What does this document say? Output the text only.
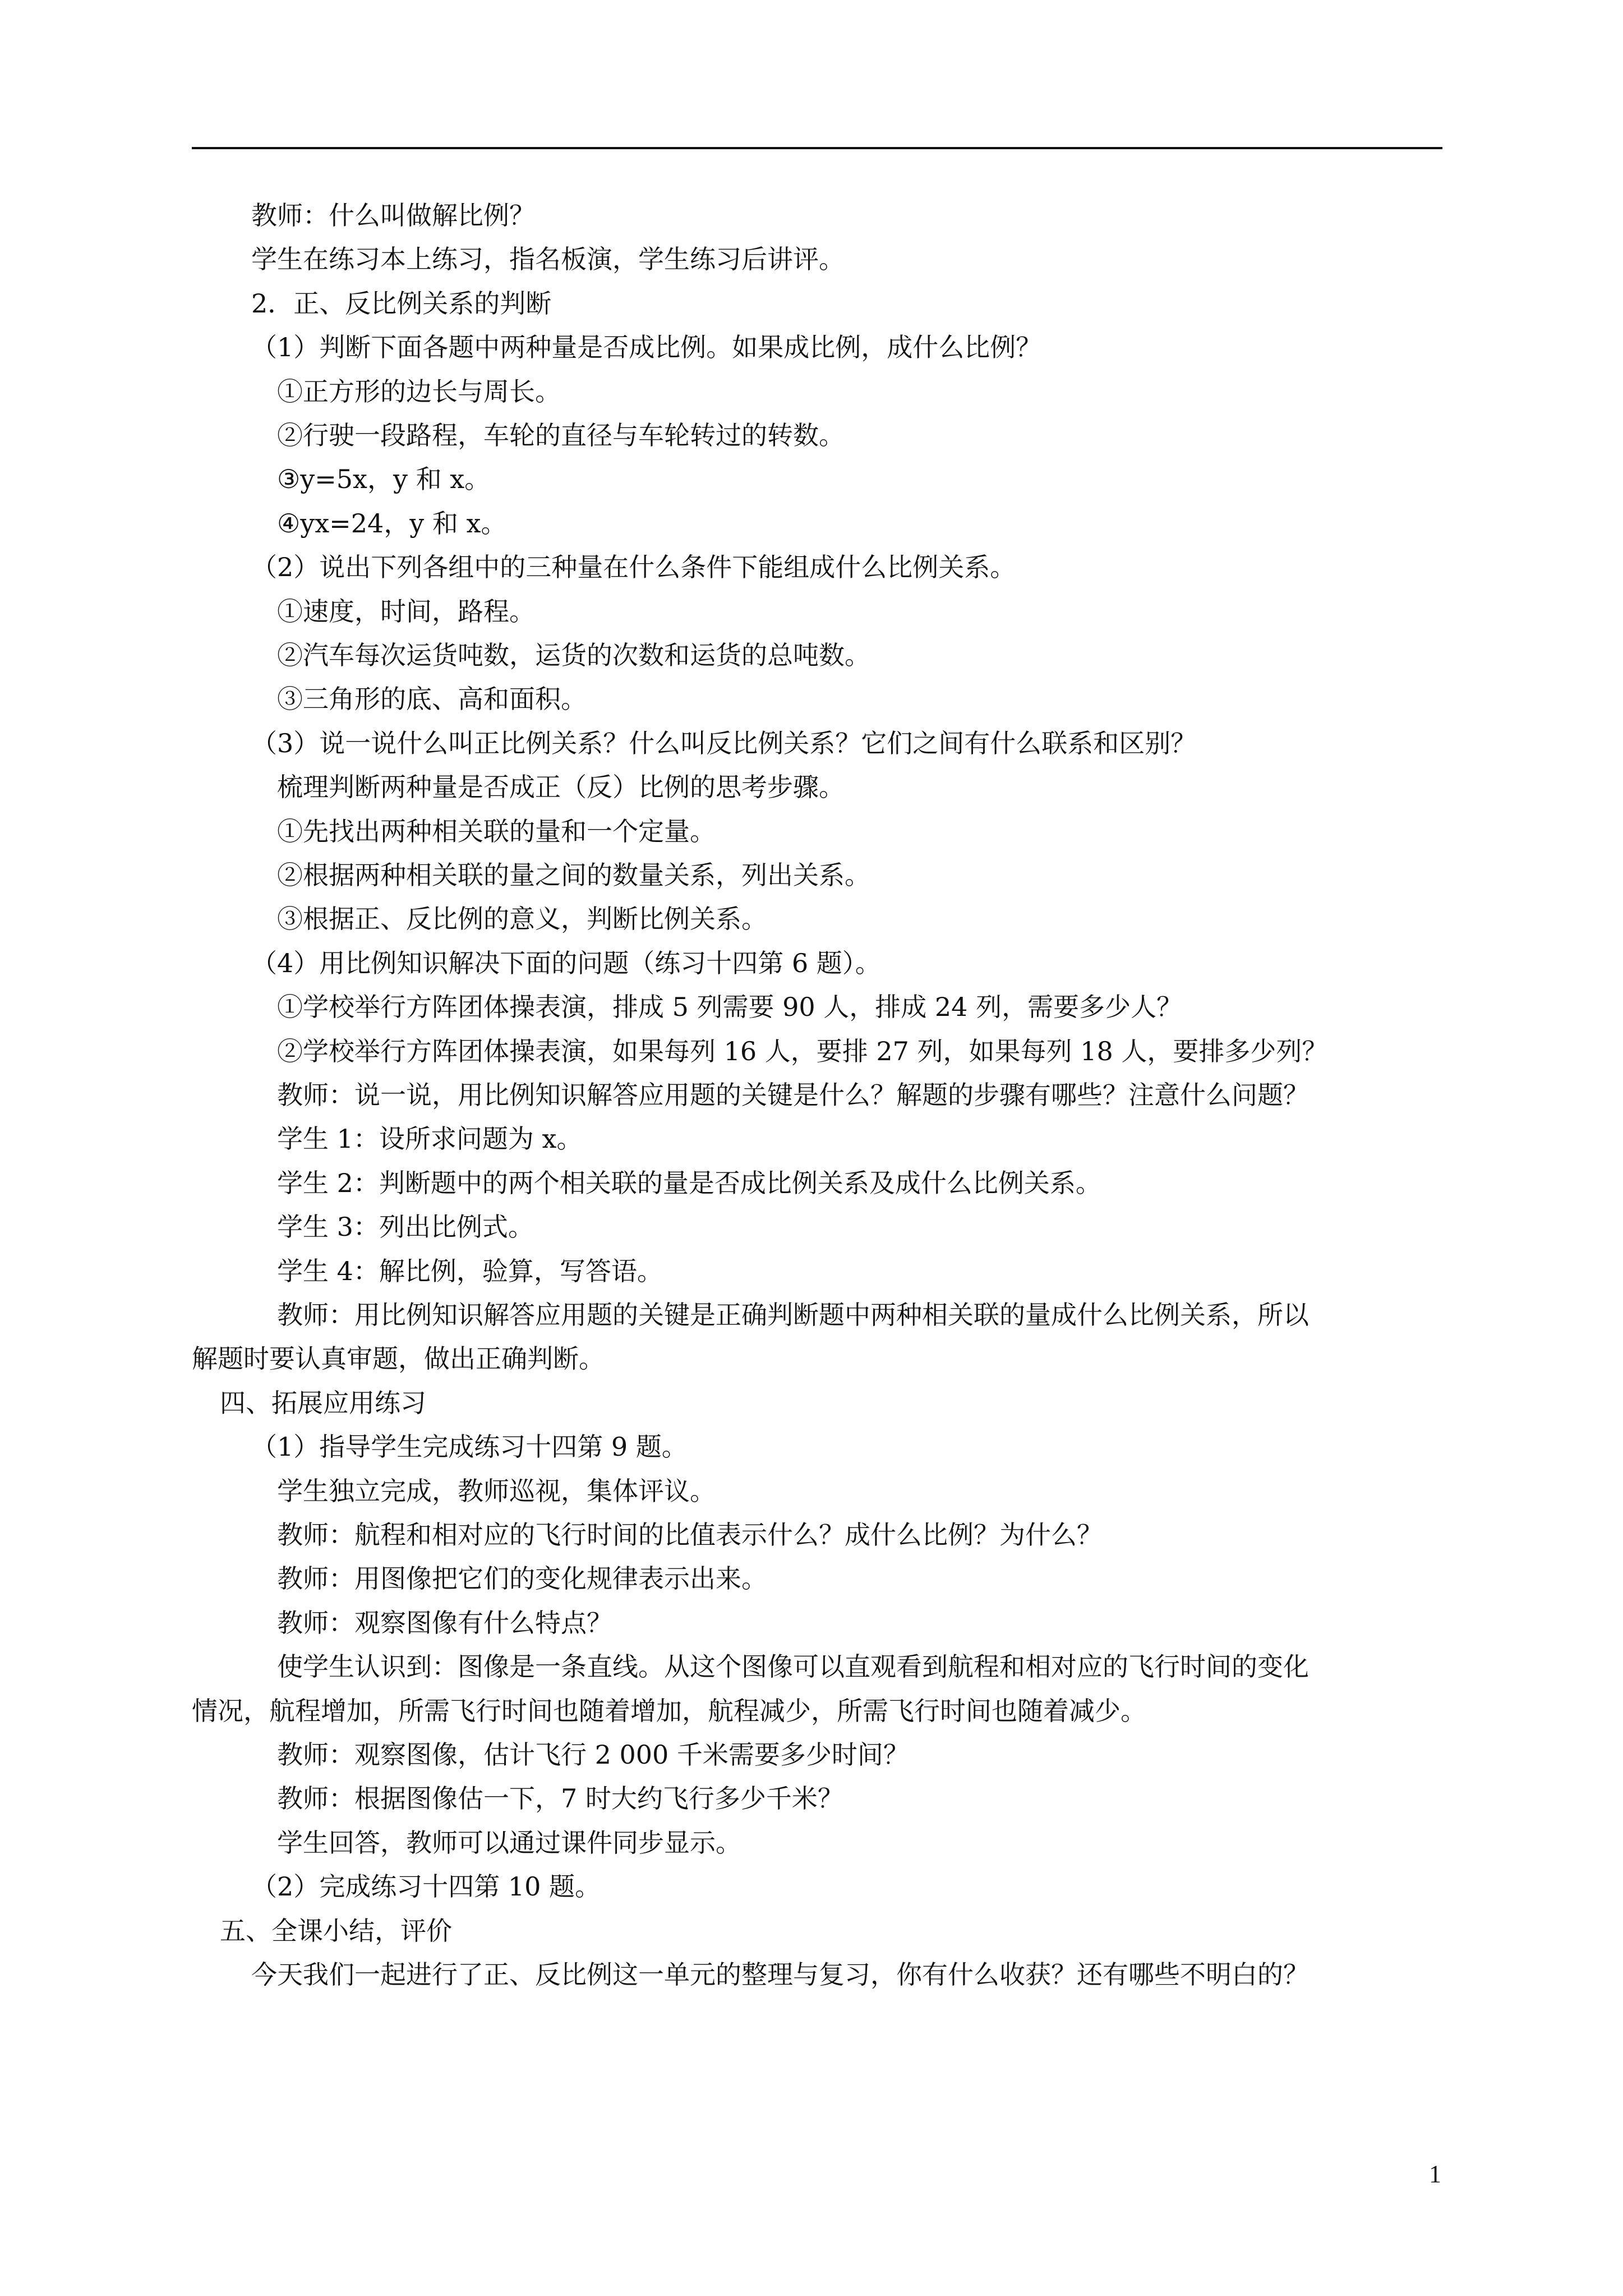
教师：什么叫做解比例？
学生在练习本上练习，指名板演，学生练习后讲评。
2．正、反比例关系的判断
（1）判断下面各题中两种量是否成比例。如果成比例，成什么比例？
①正方形的边长与周长。
②行驶一段路程，车轮的直径与车轮转过的转数。
③y=5x，y 和 x。
④yx=24，y 和 x。
（2）说出下列各组中的三种量在什么条件下能组成什么比例关系。
①速度，时间，路程。
②汽车每次运货吨数，运货的次数和运货的总吨数。
③三角形的底、高和面积。
（3）说一说什么叫正比例关系？什么叫反比例关系？它们之间有什么联系和区别？
梳理判断两种量是否成正（反）比例的思考步骤。
①先找出两种相关联的量和一个定量。
②根据两种相关联的量之间的数量关系，列出关系。
③根据正、反比例的意义，判断比例关系。
（4）用比例知识解决下面的问题（练习十四第 6 题）。
①学校举行方阵团体操表演，排成 5 列需要 90 人，排成 24 列，需要多少人？
②学校举行方阵团体操表演，如果每列 16 人，要排 27 列，如果每列 18 人，要排多少列？
教师：说一说，用比例知识解答应用题的关键是什么？解题的步骤有哪些？注意什么问题？
学生 1：设所求问题为 x。
学生 2：判断题中的两个相关联的量是否成比例关系及成什么比例关系。
学生 3：列出比例式。
学生 4：解比例，验算，写答语。
教师：用比例知识解答应用题的关键是正确判断题中两种相关联的量成什么比例关系，所以
解题时要认真审题，做出正确判断。
四、拓展应用练习
（1）指导学生完成练习十四第 9 题。
学生独立完成，教师巡视，集体评议。
教师：航程和相对应的飞行时间的比值表示什么？成什么比例？为什么？
教师：用图像把它们的变化规律表示出来。
教师：观察图像有什么特点？
使学生认识到：图像是一条直线。从这个图像可以直观看到航程和相对应的飞行时间的变化
情况，航程增加，所需飞行时间也随着增加，航程减少，所需飞行时间也随着减少。
教师：观察图像，估计飞行 2 000 千米需要多少时间？
教师：根据图像估一下，7 时大约飞行多少千米？
学生回答，教师可以通过课件同步显示。
（2）完成练习十四第 10 题。
五、全课小结，评价
今天我们一起进行了正、反比例这一单元的整理与复习，你有什么收获？还有哪些不明白的？
1
